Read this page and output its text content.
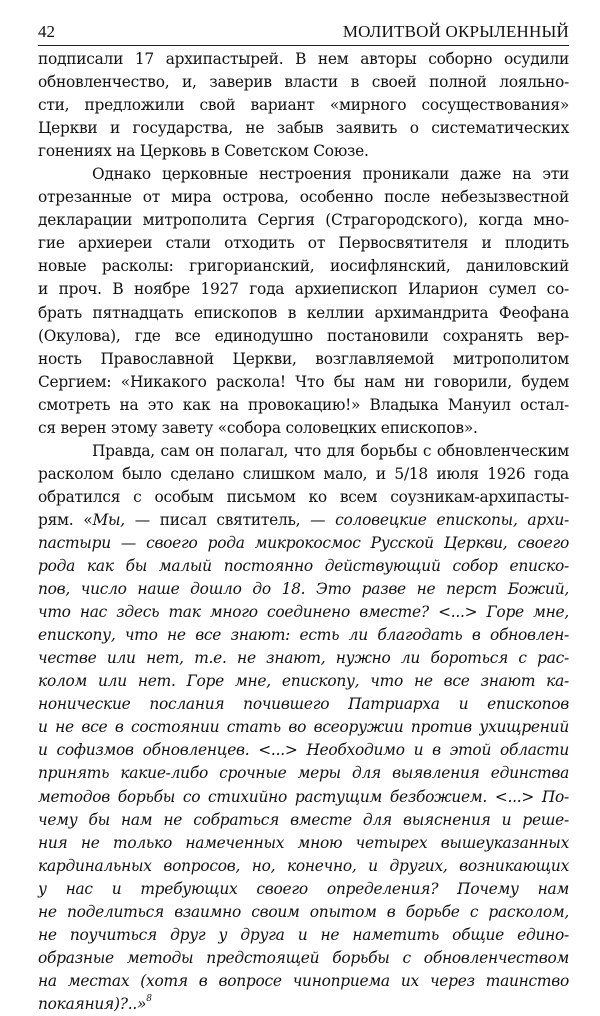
42	МОЛИТВОЙ ОКРЫЛЕННЫЙ
подписали 17 архипастырей. В нем авторы соборно осудили
обновленчество, и, заверив власти в своей полной лояльно-
сти, предложили свой вариант «мирного сосуществования»
Церкви и государства, не забыв заявить о систематических
гонениях на Церковь в Советском Союзе.
Однако церковные нестроения проникали даже на эти
отрезанные от мира острова, особенно после небезызвестной
декларации митрополита Сергия (Страгородского), когда мно-
гие архиереи стали отходить от Первосвятителя и плодить
новые расколы: григорианский, иосифлянский, даниловский
и проч. В ноябре 1927 года архиепископ Иларион сумел со-
брать пятнадцать епископов в келлии архимандрита Феофана
(Окулова), где все единодушно постановили сохранять вер-
ность Православной Церкви, возглавляемой митрополитом
Сергием: «Никакого раскола! Что бы нам ни говорили, будем
смотреть на это как на провокацию!» Владыка Мануил остал-
ся верен этому завету «собора соловецких епископов».
Правда, сам он полагал, что для борьбы с обновленческим
расколом было сделано слишком мало, и 5/18 июля 1926 года
обратился с особым письмом ко всем соузникам-архипасты-
рям. «Мы, — писал святитель, — соловецкие епископы, архи-
пастыри — своего рода микрокосмос Русской Церкви, своего
рода как бы малый постоянно действующий собор еписко-
пов, число наше дошло до 18. Это разве не перст Божий,
что нас здесь так много соединено вместе? <...> Горе мне,
епископу, что не все знают: есть ли благодать в обновлен-
честве или нет, т.е. не знают, нужно ли бороться с рас-
колом или нет. Горе мне, епископу, что не все знают ка-
нонические послания почившего Патриарха и епископов
и не все в состоянии стать во всеоружии против ухищрений
и софизмов обновленцев. <...> Необходимо и в этой области
принять какие-либо срочные меры для выявления единства
методов борьбы со стихийно растущим безбожием. <...> По-
чему бы нам не собраться вместе для выяснения и реше-
ния не только намеченных мною четырех вышеуказанных
кардинальных вопросов, но, конечно, и других, возникающих
у нас и требующих своего определения? Почему нам
не поделиться взаимно своим опытом в борьбе с расколом,
не поучиться друг у друга и не наметить общие едино-
образные методы предстоящей борьбы с обновленчеством
на местах (хотя в вопросе чиноприема их через таинство
покаяния)?..»$^8$
